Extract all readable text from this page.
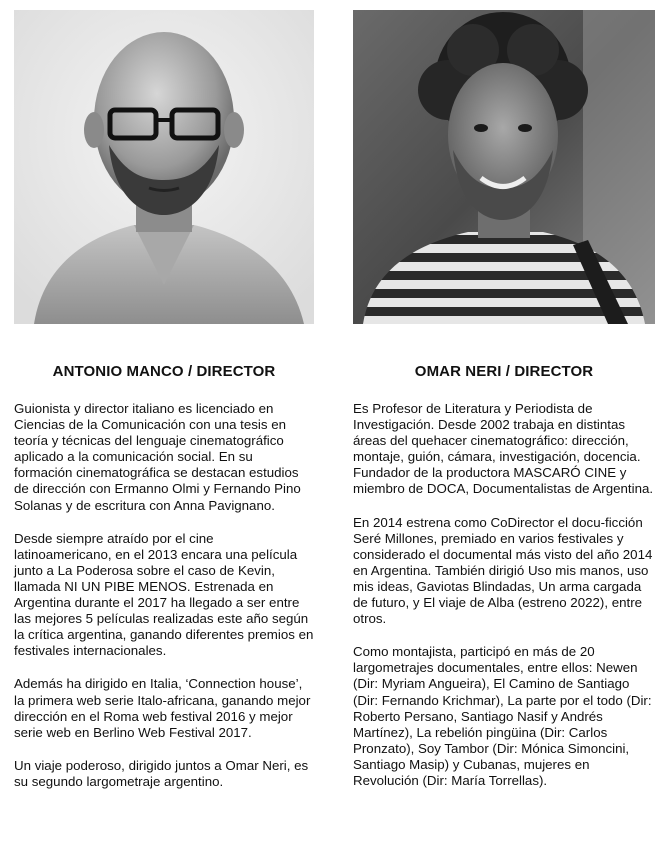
ANTONIO MANCO / DIRECTOR

Guionista y director italiano es licenciado en Ciencias de la Comunicación con una tesis en teoría y técnicas del lenguaje cinematográfico aplicado a la comunicación social. En su formación cinematográfica se destacan estudios de dirección con Ermanno Olmi y Fernando Pino Solanas y de escritura con Anna Pavignano.

Desde siempre atraído por el cine latinoamericano, en el 2013 encara una película junto a La Poderosa sobre el caso de Kevin, llamada NI UN PIBE MENOS. Estrenada en Argentina durante el 2017 ha llegado a ser entre las mejores 5 películas realizadas este año según la crítica argentina, ganando diferentes premios en festivales internacionales.

Además ha dirigido en Italia, ‘Connection house’, la primera web serie Italo-africana, ganando mejor dirección en el Roma web festival 2016 y mejor serie web en Berlino Web Festival 2017.

Un viaje poderoso, dirigido juntos a Omar Neri, es su segundo largometraje argentino.

OMAR NERI / DIRECTOR

Es Profesor de Literatura y Periodista de Investigación. Desde 2002 trabaja en distintas áreas del quehacer cinematográfico: dirección, montaje, guión, cámara, investigación, docencia. Fundador de la productora MASCARÓ CINE y miembro de DOCA, Documentalistas de Argentina.

En 2014 estrena como CoDirector el docu-ficción Seré Millones, premiado en varios festivales y considerado el documental más visto del año 2014 en Argentina. También dirigió Uso mis manos, uso mis ideas, Gaviotas Blindadas, Un arma cargada de futuro, y El viaje de Alba (estreno 2022), entre otros.

Como montajista, participó en más de 20 largometrajes documentales, entre ellos: Newen (Dir: Myriam Angueira), El Camino de Santiago (Dir: Fernando Krichmar), La parte por el todo (Dir: Roberto Persano, Santiago Nasif y Andrés Martínez), La rebelión pingüina (Dir: Carlos Pronzato), Soy Tambor (Dir: Mónica Simoncini, Santiago Masip) y Cubanas, mujeres en Revolución (Dir: María Torrellas).
